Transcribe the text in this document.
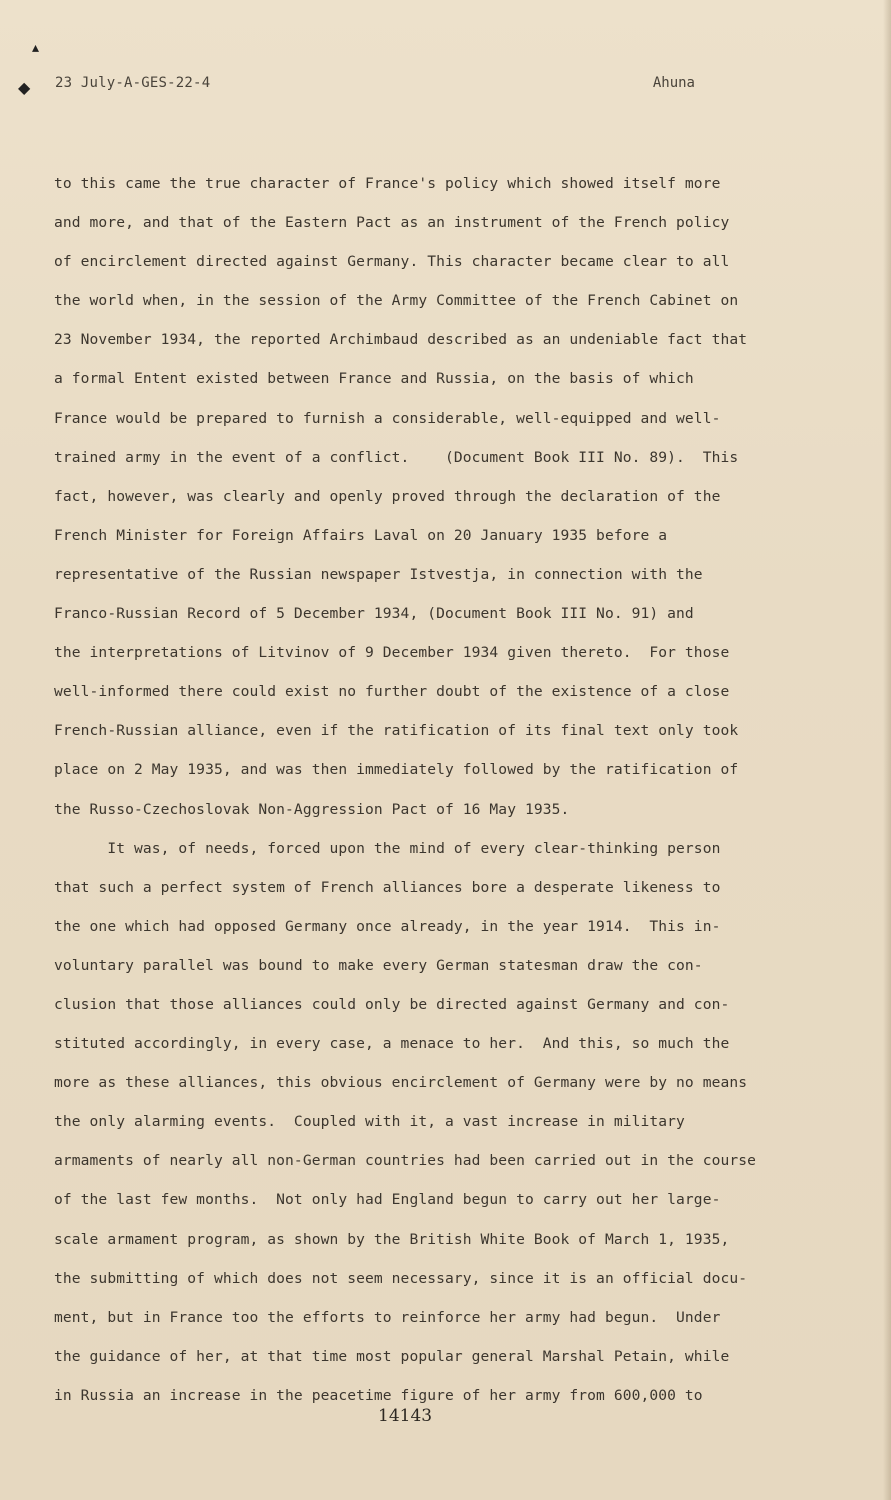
▴
◆ 23 July-A-GES-22-4	Ahuna
to this came the true character of France's policy which showed itself more
and more, and that of the Eastern Pact as an instrument of the French policy
of encirclement directed against Germany. This character became clear to all
the world when, in the session of the Army Committee of the French Cabinet on
23 November 1934, the reported Archimbaud described as an undeniable fact that
a formal Entent existed between France and Russia, on the basis of which
France would be prepared to furnish a considerable, well-equipped and well-
trained army in the event of a conflict.    (Document Book III No. 89).  This
fact, however, was clearly and openly proved through the declaration of the
French Minister for Foreign Affairs Laval on 20 January 1935 before a
representative of the Russian newspaper Istvestja, in connection with the
Franco-Russian Record of 5 December 1934, (Document Book III No. 91) and
the interpretations of Litvinov of 9 December 1934 given thereto.  For those
well-informed there could exist no further doubt of the existence of a close
French-Russian alliance, even if the ratification of its final text only took
place on 2 May 1935, and was then immediately followed by the ratification of
the Russo-Czechoslovak Non-Aggression Pact of 16 May 1935.
It was, of needs, forced upon the mind of every clear-thinking person
that such a perfect system of French alliances bore a desperate likeness to
the one which had opposed Germany once already, in the year 1914.  This in-
voluntary parallel was bound to make every German statesman draw the con-
clusion that those alliances could only be directed against Germany and con-
stituted accordingly, in every case, a menace to her.  And this, so much the
more as these alliances, this obvious encirclement of Germany were by no means
the only alarming events.  Coupled with it, a vast increase in military
armaments of nearly all non-German countries had been carried out in the course
of the last few months.  Not only had England begun to carry out her large-
scale armament program, as shown by the British White Book of March 1, 1935,
the submitting of which does not seem necessary, since it is an official docu-
ment, but in France too the efforts to reinforce her army had begun.  Under
the guidance of her, at that time most popular general Marshal Petain, while
in Russia an increase in the peacetime figure of her army from 600,000 to
14143
